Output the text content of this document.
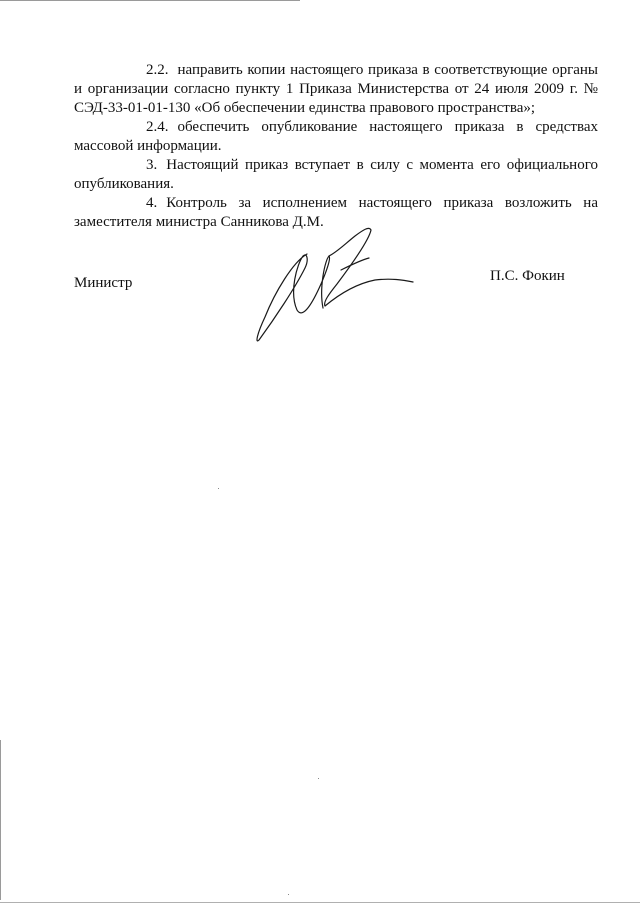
2.2. направить копии настоящего приказа в соответствующие органы и организации согласно пункту 1 Приказа Министерства от 24 июля 2009 г. № СЭД-33-01-01-130 «Об обеспечении единства правового пространства»;
2.4. обеспечить опубликование настоящего приказа в средствах массовой информации.
3. Настоящий приказ вступает в силу с момента его официального опубликования.
4. Контроль за исполнением настоящего приказа возложить на заместителя министра Санникова Д.М.
Министр	П.С. Фокин
